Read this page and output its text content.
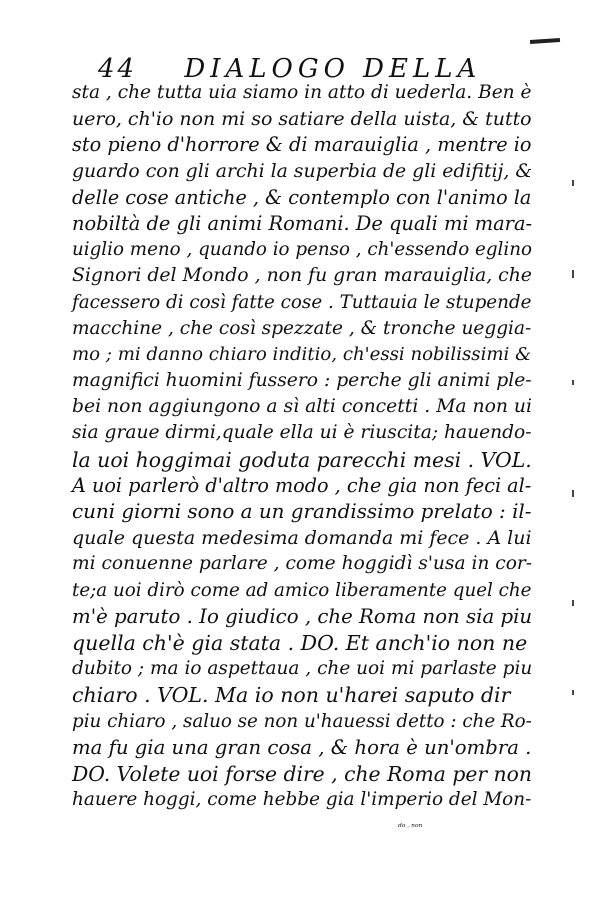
44 DIALOGO DELLA
sta , che tutta uia siamo in atto di uederla. Ben è
uero, ch'io non mi so satiare della uista, & tutto
sto pieno d'horrore & di marauiglia , mentre io
guardo con gli archi la superbia de gli edifitij, &
delle cose antiche , & contemplo con l'animo la
nobiltà de gli animi Romani. De quali mi mara-
uiglio meno , quando io penso , ch'essendo eglino
Signori del Mondo , non fu gran marauiglia, che
facessero di così fatte cose . Tuttauia le stupende
macchine , che così spezzate , & tronche ueggia-
mo ; mi danno chiaro inditio, ch'essi nobilissimi &
magnifici huomini fussero : perche gli animi ple-
bei non aggiungono a sì alti concetti . Ma non ui
sia graue dirmi,quale ella ui è riuscita; hauendo-
la uoi hoggimai goduta parecchi mesi . VOL.
A uoi parlerò d'altro modo , che gia non feci al-
cuni giorni sono a un grandissimo prelato : il-
quale questa medesima domanda mi fece . A lui
mi conuenne parlare , come hoggidì s'usa in cor-
te;a uoi dirò come ad amico liberamente quel che
m'è paruto . Io giudico , che Roma non sia piu
quella ch'è gia stata . DO. Et anch'io non ne
dubito ; ma io aspettaua , che uoi mi parlaste piu
chiaro . VOL. Ma io non u'harei saputo dir
piu chiaro , saluo se non u'hauessi detto : che Ro-
ma fu gia una gran cosa , & hora è un'ombra .
DO. Volete uoi forse dire , che Roma per non
hauere hoggi, come hebbe gia l'imperio del Mon-
do , non
